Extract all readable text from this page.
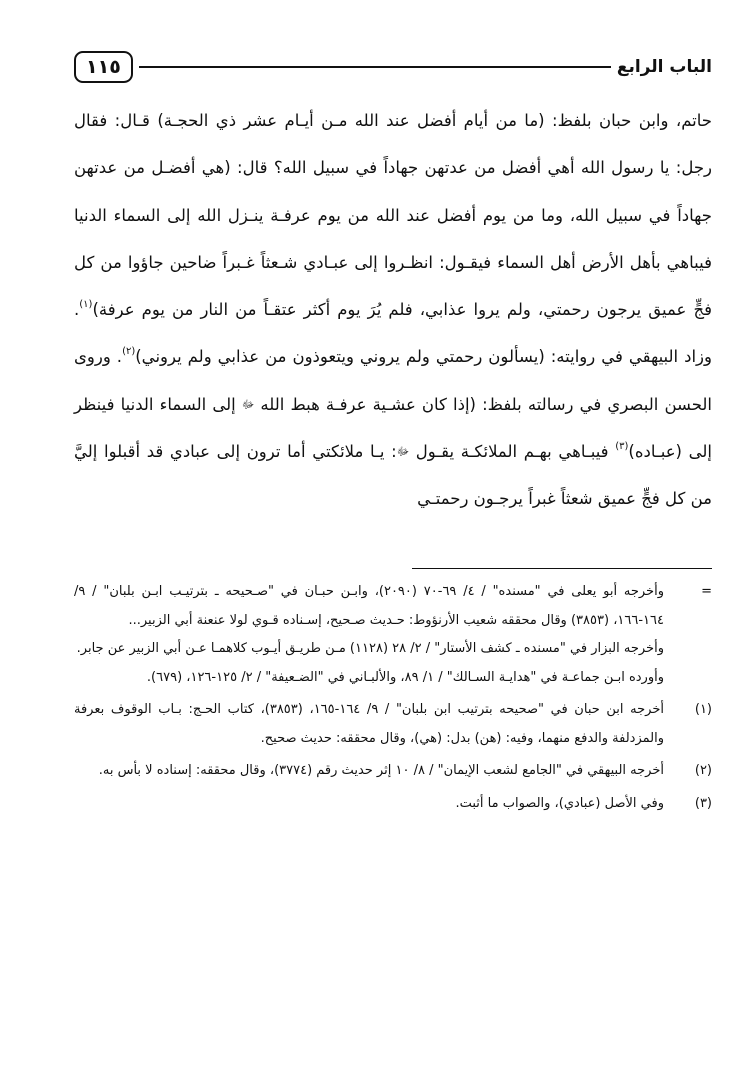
١١٥	الباب الرابع

حاتم، وابن حبان بلفظ: (ما من أيام أفضل عند الله مـن أيـام عشر ذي الحجـة) قـال: فقال رجل: يا رسول الله أهي أفضل من عدتهن جهاداً في سبيل الله؟ قال: (هي أفضـل من عدتهن جهاداً في سبيل الله، وما من يوم أفضل عند الله من يوم عرفـة ينـزل الله إلى السماء الدنيا فيباهي بأهل الأرض أهل السماء فيقـول: انظـروا إلى عبـادي شـعثاً غـبراً ضاحين جاؤوا من كل فجٍّ عميق يرجون رحمتي، ولم يروا عذابي، فلم يُرَ يوم أكثر عتقـاً من النار من يوم عرفة)$^{(١)}$. وزاد البيهقي في روايته: (يسألون رحمتي ولم يروني ويتعوذون من عذابي ولم يروني)$^{(٢)}$. وروى الحسن البصري في رسالته بلفظ: (إذا كان عشـية عرفـة هبط الله ﷻ إلى السماء الدنيا فينظر إلى (عبـاده)$^{(٣)}$ فيبـاهي بهـم الملائكـة يقـول ﷻ: يـا ملائكتي أما ترون إلى عبادي قد أقبلوا إليَّ من كل فجٍّ عميق شعثاً غبراً يرجـون رحمتـي

=
وأخرجه أبو يعلى في "مسنده" / ٤/ ٦٩-٧٠ (٢٠٩٠)، وابـن حبـان في "صـحيحه ـ بترتيـب ابـن بلبان" / ٩/ ١٦٤-١٦٦، (٣٨٥٣) وقال محققه شعيب الأرنؤوط: حـديث صـحيح، إسـناده قـوي لولا عنعنة أبي الزبير...
وأخرجه البزار في "مسنده ـ كشف الأستار" / ٢/ ٢٨ (١١٢٨) مـن طريـق أيـوب كلاهمـا عـن أبي الزبير عن جابر.
وأورده ابـن جماعـة في "هدايـة السـالك" / ١/ ٨٩، والألبـاني في "الضـعيفة" / ٢/ ١٢٥-١٢٦، (٦٧٩).
(١)
أخرجه ابن حبان في "صحيحه بترتيب ابن بلبان" / ٩/ ١٦٤-١٦٥، (٣٨٥٣)، كتاب الحـج: بـاب الوقوف بعرفة والمزدلفة والدفع منهما، وفيه: (هن) بدل: (هي)، وقال محققه: حديث صحيح.
(٢)
أخرجه البيهقي في "الجامع لشعب الإيمان" / ٨/ ١٠ إثر حديث رقم (٣٧٧٤)، وقال محققه: إسناده لا بأس به.
(٣)
وفي الأصل (عبادي)، والصواب ما أثبت.
